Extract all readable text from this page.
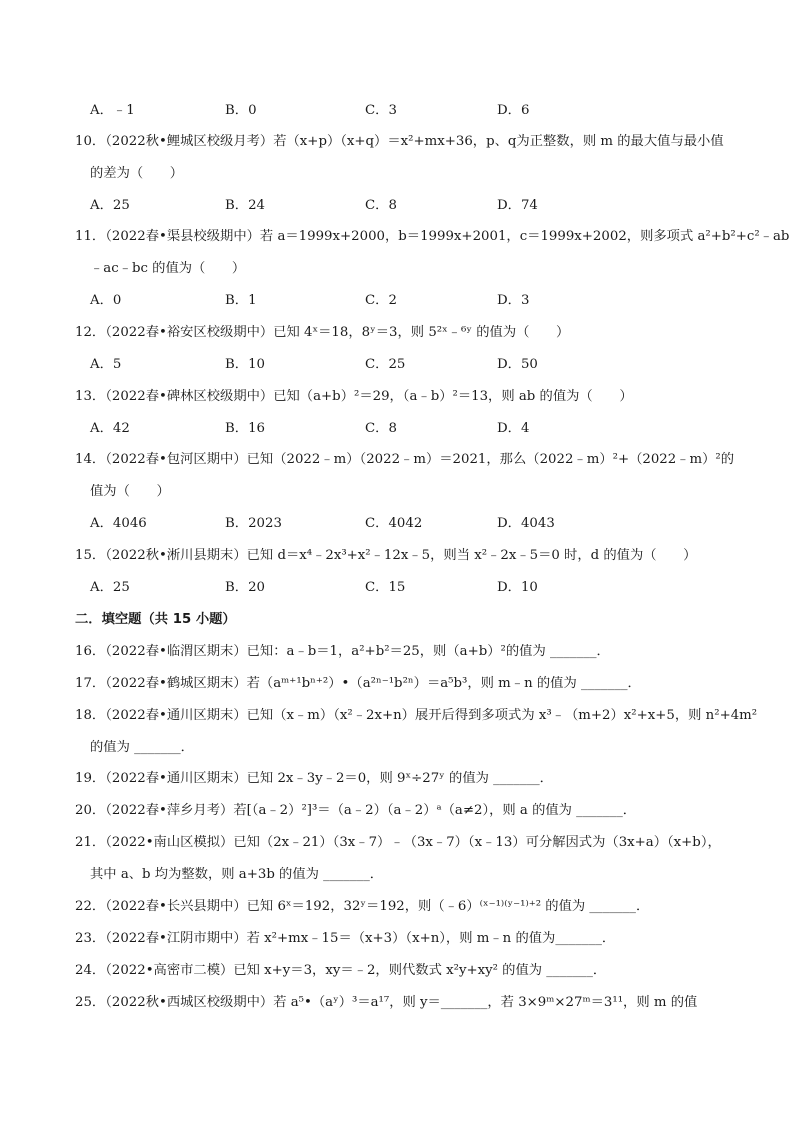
A．﹣1	B．0	C．3	D．6
10．（2022秋•鲤城区校级月考）若（x+p）（x+q）＝x²+mx+36，p、q为正整数，则 m 的最大值与最小值
的差为（　　）
A．25	B．24	C．8	D．74
11．（2022春•渠县校级期中）若 a＝1999x+2000，b＝1999x+2001，c＝1999x+2002，则多项式 a²+b²+c²﹣ab
﹣ac﹣bc 的值为（　　）
A．0	B．1	C．2	D．3
12．（2022春•裕安区校级期中）已知 4ˣ＝18，8ʸ＝3，则 5²ˣ﹣⁶ʸ 的值为（　　）
A．5	B．10	C．25	D．50
13．（2022春•碑林区校级期中）已知（a+b）²＝29，（a﹣b）²＝13，则 ab 的值为（　　）
A．42	B．16	C．8	D．4
14．（2022春•包河区期中）已知（2022﹣m）（2022﹣m）＝2021，那么（2022﹣m）²+（2022﹣m）²的
值为（　　）
A．4046	B．2023	C．4042	D．4043
15．（2022秋•淅川县期末）已知 d＝x⁴﹣2x³+x²﹣12x﹣5，则当 x²﹣2x﹣5＝0 时，d 的值为（　　）
A．25	B．20	C．15	D．10
二．填空题（共 15 小题）
16．（2022春•临渭区期末）已知：a﹣b＝1，a²+b²＝25，则（a+b）²的值为 _______．
17．（2022春•鹤城区期末）若（aᵐ⁺¹bⁿ⁺²）•（a²ⁿ⁻¹b²ⁿ）＝a⁵b³，则 m﹣n 的值为 _______．
18．（2022春•通川区期末）已知（x﹣m）（x²﹣2x+n）展开后得到多项式为 x³﹣（m+2）x²+x+5，则 n²+4m²
的值为 _______．
19．（2022春•通川区期末）已知 2x﹣3y﹣2＝0，则 9ˣ÷27ʸ 的值为 _______．
20．（2022春•萍乡月考）若[（a﹣2）²]³＝（a﹣2）（a﹣2）ᵃ（a≠2），则 a 的值为 _______．
21．（2022•南山区模拟）已知（2x﹣21）（3x﹣7）﹣（3x﹣7）（x﹣13）可分解因式为（3x+a）（x+b），
其中 a、b 均为整数，则 a+3b 的值为 _______．
22．（2022春•长兴县期中）已知 6ˣ＝192，32ʸ＝192，则（﹣6）⁽ˣ⁻¹⁾⁽ʸ⁻¹⁾⁺² 的值为 _______．
23．（2022春•江阴市期中）若 x²+mx﹣15＝（x+3）（x+n），则 m﹣n 的值为_______．
24．（2022•高密市二模）已知 x+y＝3，xy＝﹣2，则代数式 x²y+xy² 的值为 _______．
25．（2022秋•西城区校级期中）若 a⁵•（aʸ）³＝a¹⁷，则 y＝_______，若 3×9ᵐ×27ᵐ＝3¹¹，则 m 的值
